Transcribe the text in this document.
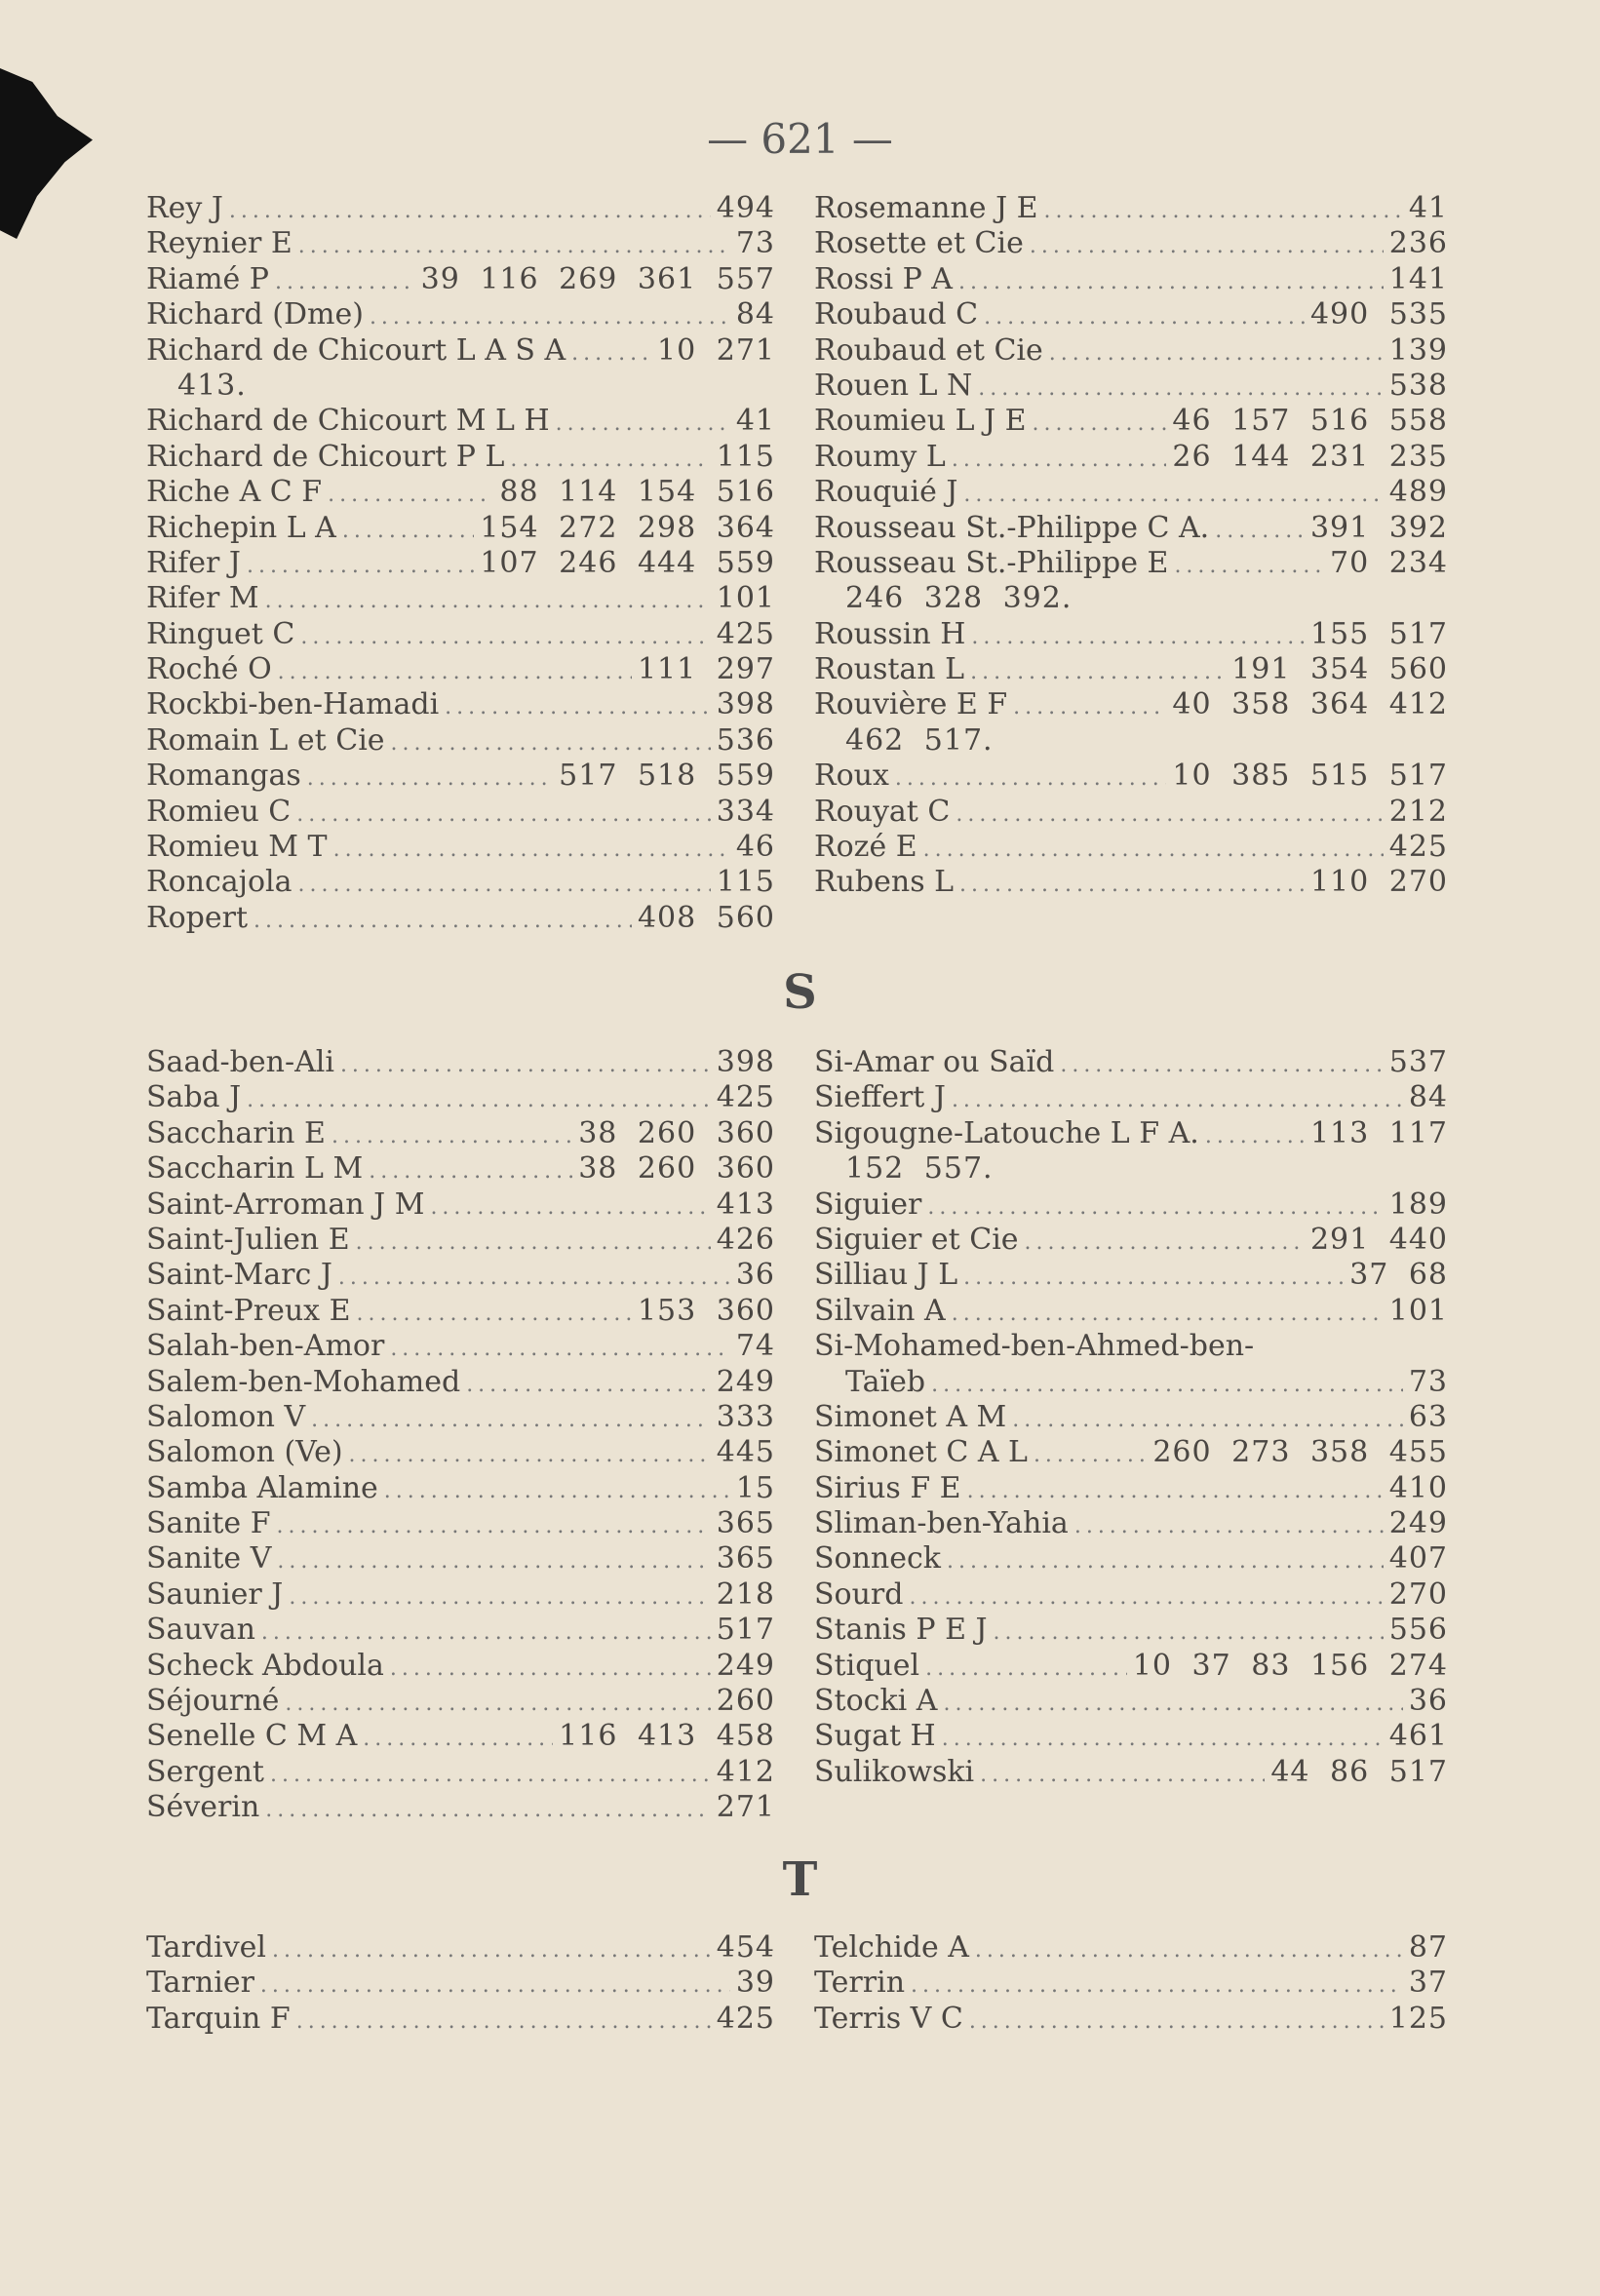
— 621 —
Rey J .....	494
Reynier E .....	73
Riamé P .....	39 116 269 361 557
Richard (Dme) .....	84
Richard de Chicourt L A S A .....	10 271
413.
Richard de Chicourt M L H .....	41
Richard de Chicourt P L .....	115
Riche A C F .....	88 114 154 516
Richepin L A .....	154 272 298 364
Rifer J .....	107 246 444 559
Rifer M .....	101
Ringuet C .....	425
Roché O .....	111 297
Rockbi-ben-Hamadi .....	398
Romain L et Cie .....	536
Romangas .....	517 518 559
Romieu C .....	334
Romieu M T .....	46
Roncajola .....	115
Ropert .....	408 560
Rosemanne J E .....	41
Rosette et Cie .....	236
Rossi P A .....	141
Roubaud C .....	490 535
Roubaud et Cie .....	139
Rouen L N .....	538
Roumieu L J E .....	46 157 516 558
Roumy L .....	26 144 231 235
Rouquié J .....	489
Rousseau St.-Philippe C A. .....	391 392
Rousseau St.-Philippe E .....	70 234
246 328 392.
Roussin H .....	155 517
Roustan L .....	191 354 560
Rouvière E F .....	40 358 364 412
462 517.
Roux .....	10 385 515 517
Rouyat C .....	212
Rozé E .....	425
Rubens L .....	110 270
S
Saad-ben-Ali .....	398
Saba J .....	425
Saccharin E .....	38 260 360
Saccharin L M .....	38 260 360
Saint-Arroman J M .....	413
Saint-Julien E .....	426
Saint-Marc J .....	36
Saint-Preux E .....	153 360
Salah-ben-Amor .....	74
Salem-ben-Mohamed .....	249
Salomon V .....	333
Salomon (Ve) .....	445
Samba Alamine .....	15
Sanite F .....	365
Sanite V .....	365
Saunier J .....	218
Sauvan .....	517
Scheck Abdoula .....	249
Séjourné .....	260
Senelle C M A .....	116 413 458
Sergent .....	412
Séverin .....	271
Si-Amar ou Saïd .....	537
Sieffert J .....	84
Sigougne-Latouche L F A. .....	113 117
152 557.
Siguier .....	189
Siguier et Cie .....	291 440
Silliau J L .....	37 68
Silvain A .....	101
Si-Mohamed-ben-Ahmed-ben-
Taïeb .....	73
Simonet A M .....	63
Simonet C A L .....	260 273 358 455
Sirius F E .....	410
Sliman-ben-Yahia .....	249
Sonneck .....	407
Sourd .....	270
Stanis P E J .....	556
Stiquel .....	10 37 83 156 274
Stocki A .....	36
Sugat H .....	461
Sulikowski .....	44 86 517
T
Tardivel .....	454
Tarnier .....	39
Tarquin F .....	425
Telchide A .....	87
Terrin .....	37
Terris V C .....	125
